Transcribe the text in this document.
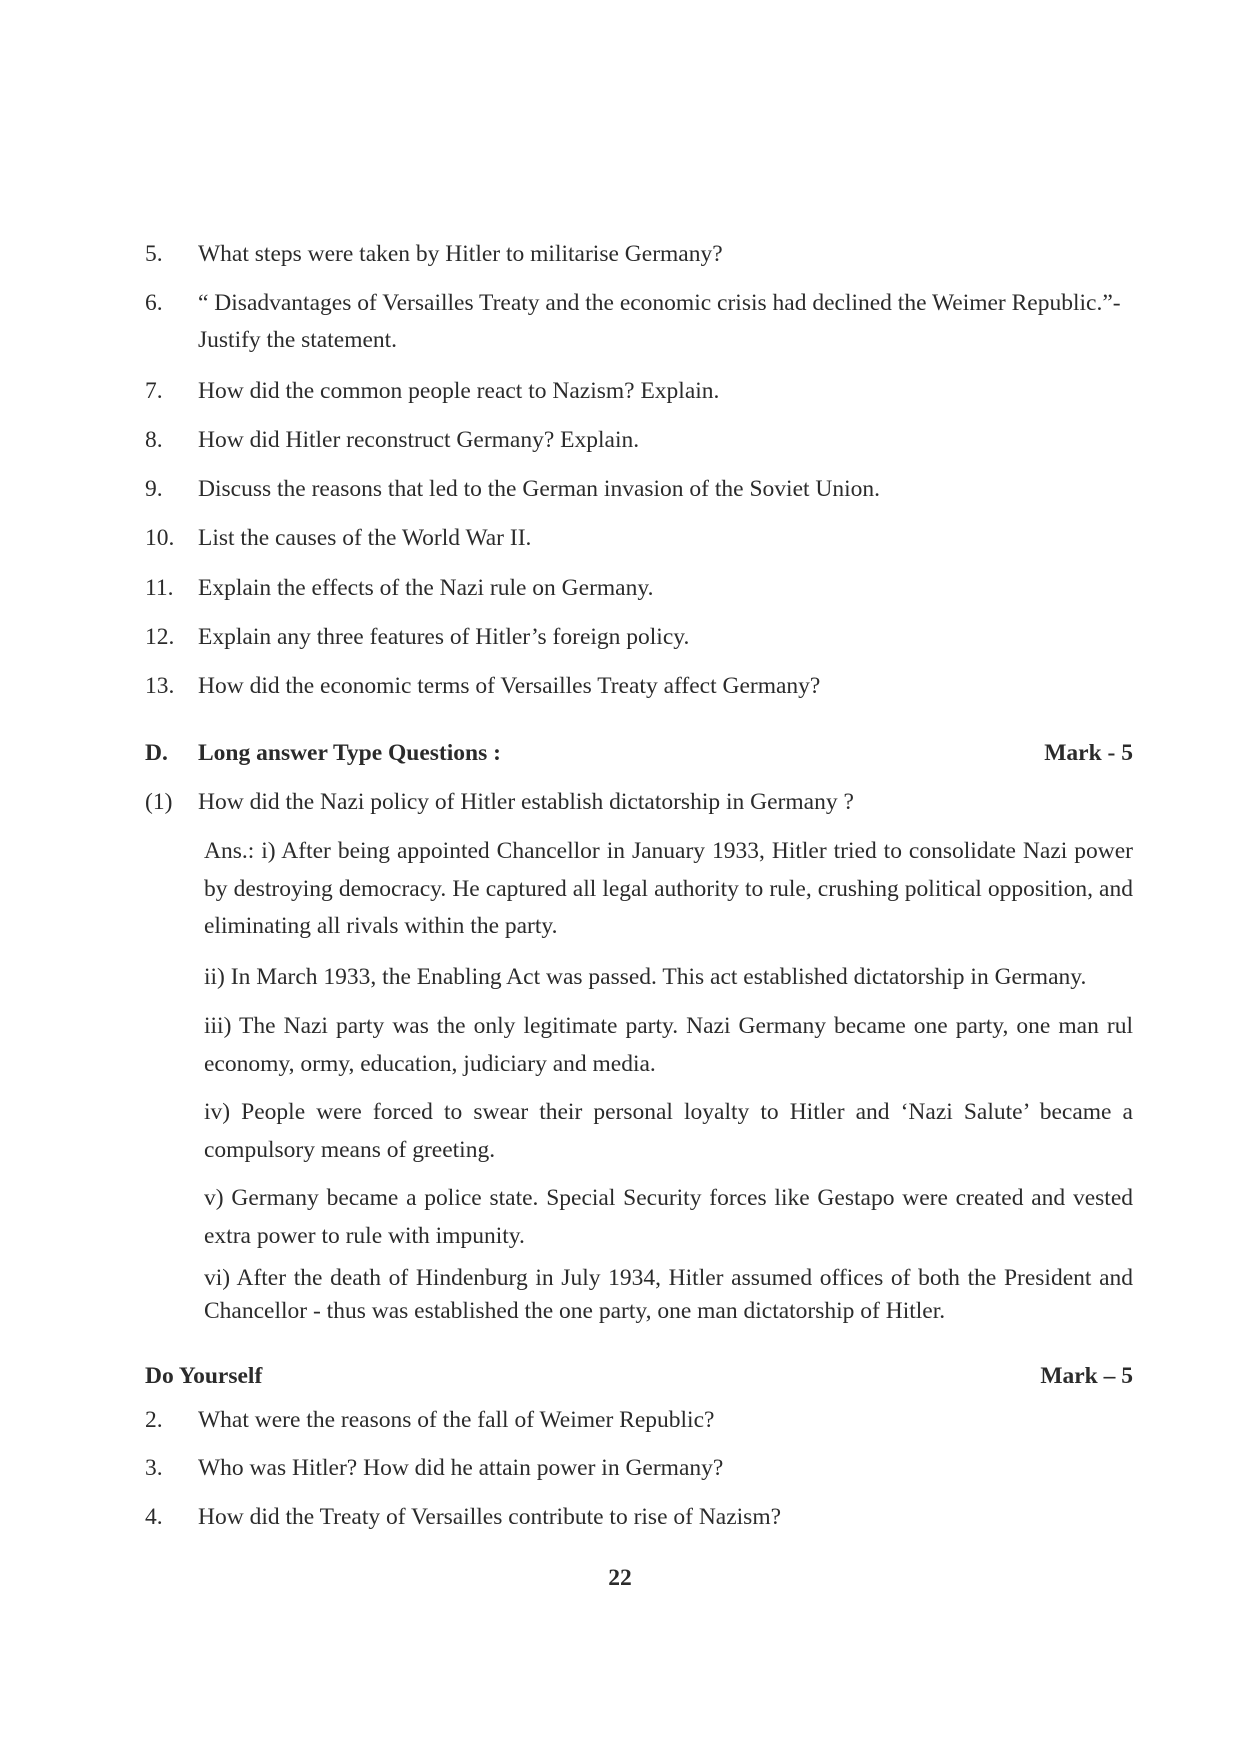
5. What steps were taken by Hitler to militarise Germany?
6. “ Disadvantages of Versailles Treaty and the economic crisis had declined the Weimer Republic.”- Justify the statement.
7. How did the common people react to Nazism? Explain.
8. How did Hitler reconstruct Germany? Explain.
9. Discuss the reasons that led to the German invasion of the Soviet Union.
10. List the causes of the World War II.
11. Explain the effects of the Nazi rule on Germany.
12. Explain any three features of Hitler’s foreign policy.
13. How did the economic terms of Versailles Treaty affect Germany?
D. Long answer Type Questions :	Mark - 5
(1) How did the Nazi policy of Hitler establish dictatorship in Germany ?
Ans.: i) After being appointed Chancellor in January 1933, Hitler tried to consolidate Nazi power by destroying democracy. He captured all legal authority to rule, crushing political opposition, and eliminating all rivals within the party.
ii) In March 1933, the Enabling Act was passed. This act established dictatorship in Germany.
iii) The Nazi party was the only legitimate party. Nazi Germany became one party, one man rul economy, ormy, education, judiciary and media.
iv) People were forced to swear their personal loyalty to Hitler and ‘Nazi Salute’ became a compulsory means of greeting.
v) Germany became a police state. Special Security forces like Gestapo were created and vested extra power to rule with impunity.
vi) After the death of Hindenburg in July 1934, Hitler assumed offices of both the President and Chancellor - thus was established the one party, one man dictatorship of Hitler.
Do Yourself	Mark – 5
2. What were the reasons of the fall of Weimer Republic?
3. Who was Hitler? How did he attain power in Germany?
4. How did the Treaty of Versailles contribute to rise of Nazism?
22
